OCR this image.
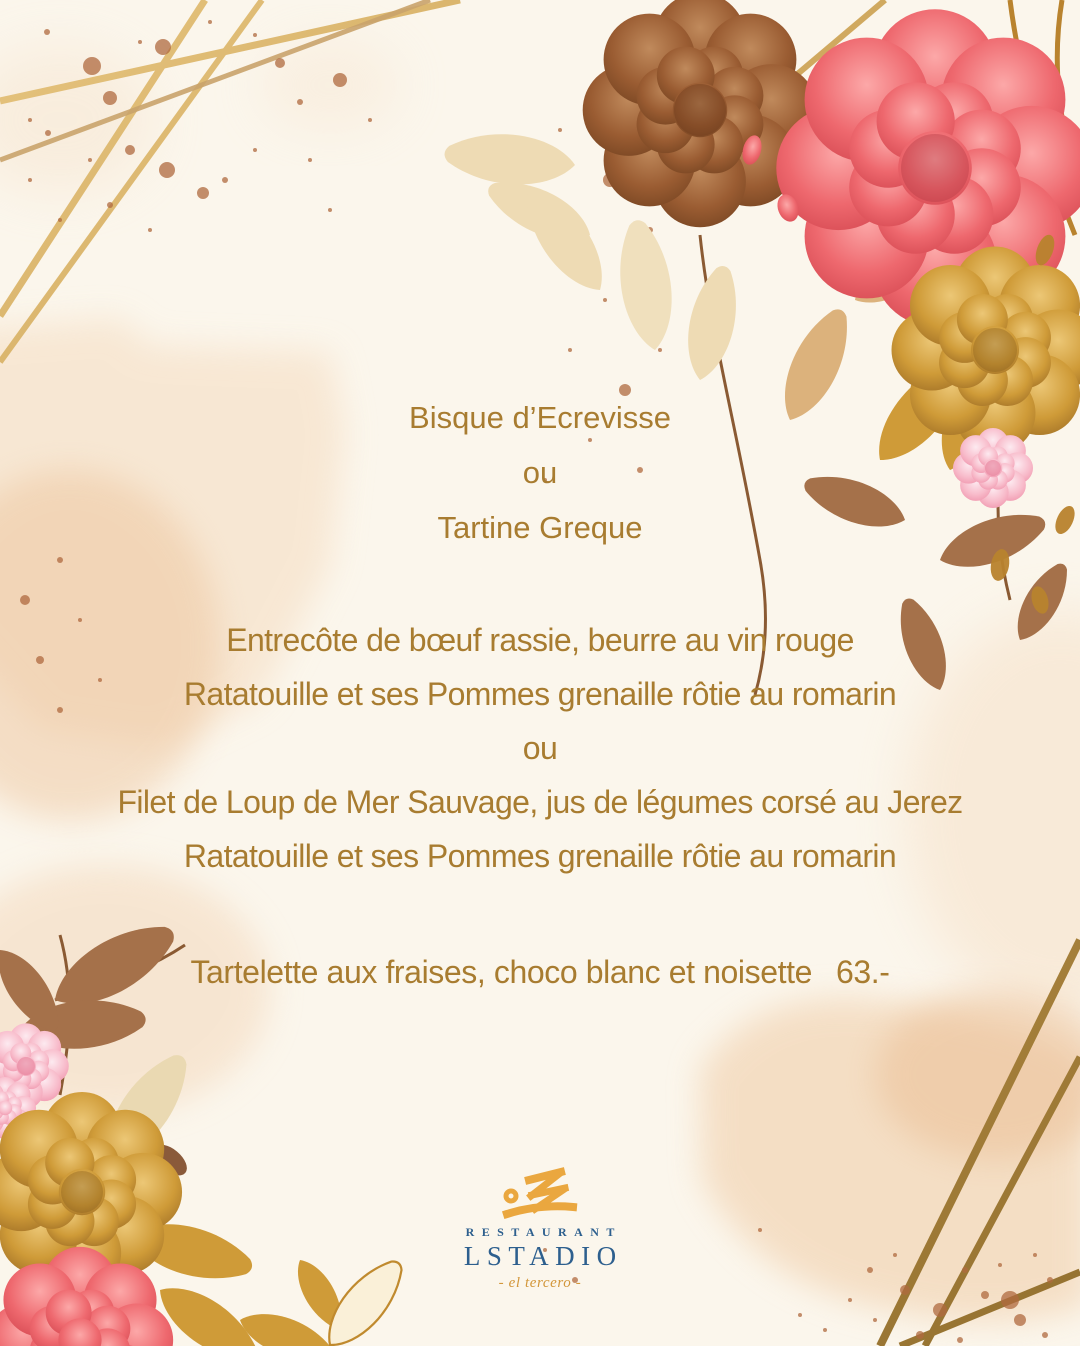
Bisque d’Ecrevisse
ou
Tartine Greque
Entrecôte de bœuf rassie, beurre au vin rouge
Ratatouille et ses Pommes grenaille rôtie au romarin
ou
Filet de Loup de Mer Sauvage, jus de légumes corsé au Jerez
Ratatouille et ses Pommes grenaille rôtie au romarin
Tartelette aux fraises, choco blanc et noisette 63.-
RESTAURANT
LSTADIO
- el tercero -
